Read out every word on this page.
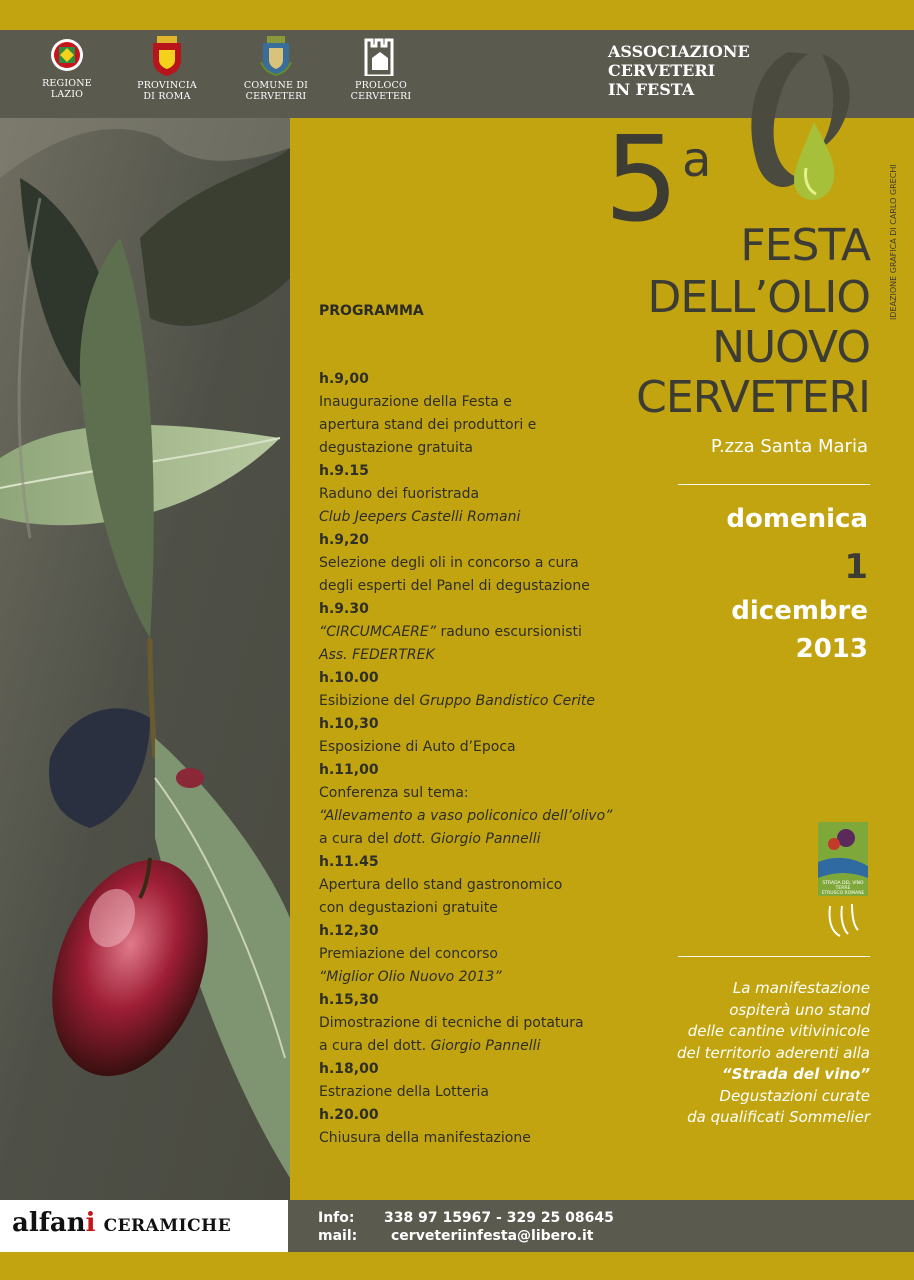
REGIONE
LAZIO
PROVINCIA
DI ROMA
COMUNE DI
CERVETERI
PROLOCO
CERVETERI
ASSOCIAZIONE
CERVETERI
IN FESTA
PROGRAMMA
h.9,00
Inaugurazione della Festa e
apertura stand dei produttori e
degustazione gratuita
h.9.15
Raduno dei fuoristrada
Club Jeepers Castelli Romani
h.9,20
Selezione degli oli in concorso a cura
degli esperti del Panel di degustazione
h.9.30
“CIRCUMCAERE” raduno escursionisti
Ass. FEDERTREK
h.10.00
Esibizione del Gruppo Bandistico Cerite
h.10,30
Esposizione di Auto d’Epoca
h.11,00
Conferenza sul tema:
“Allevamento a vaso policonico dell’olivo”
a cura del dott. Giorgio Pannelli
h.11.45
Apertura dello stand gastronomico
con degustazioni gratuite
h.12,30
Premiazione del concorso
“Miglior Olio Nuovo 2013”
h.15,30
Dimostrazione di tecniche di potatura
a cura del dott. Giorgio Pannelli
h.18,00
Estrazione della Lotteria
h.20.00
Chiusura della manifestazione
5 a
FESTA
DELL’OLIO
NUOVO
CERVETERI
P.zza Santa Maria
IDEAZIONE GRAFICA DI CARLO GRECHI
domenica
1
dicembre
2013
STRADA DEL VINO
TERRE
ETRUSCO ROMANE
La manifestazione
ospiterà uno stand
delle cantine vitivinicole
del territorio aderenti alla
“Strada del vino”
Degustazioni curate
da qualificati Sommelier
alfani CERAMICHE	Info: 338 97 15967 - 329 25 08645
mail: cerveteriinfesta@libero.it
